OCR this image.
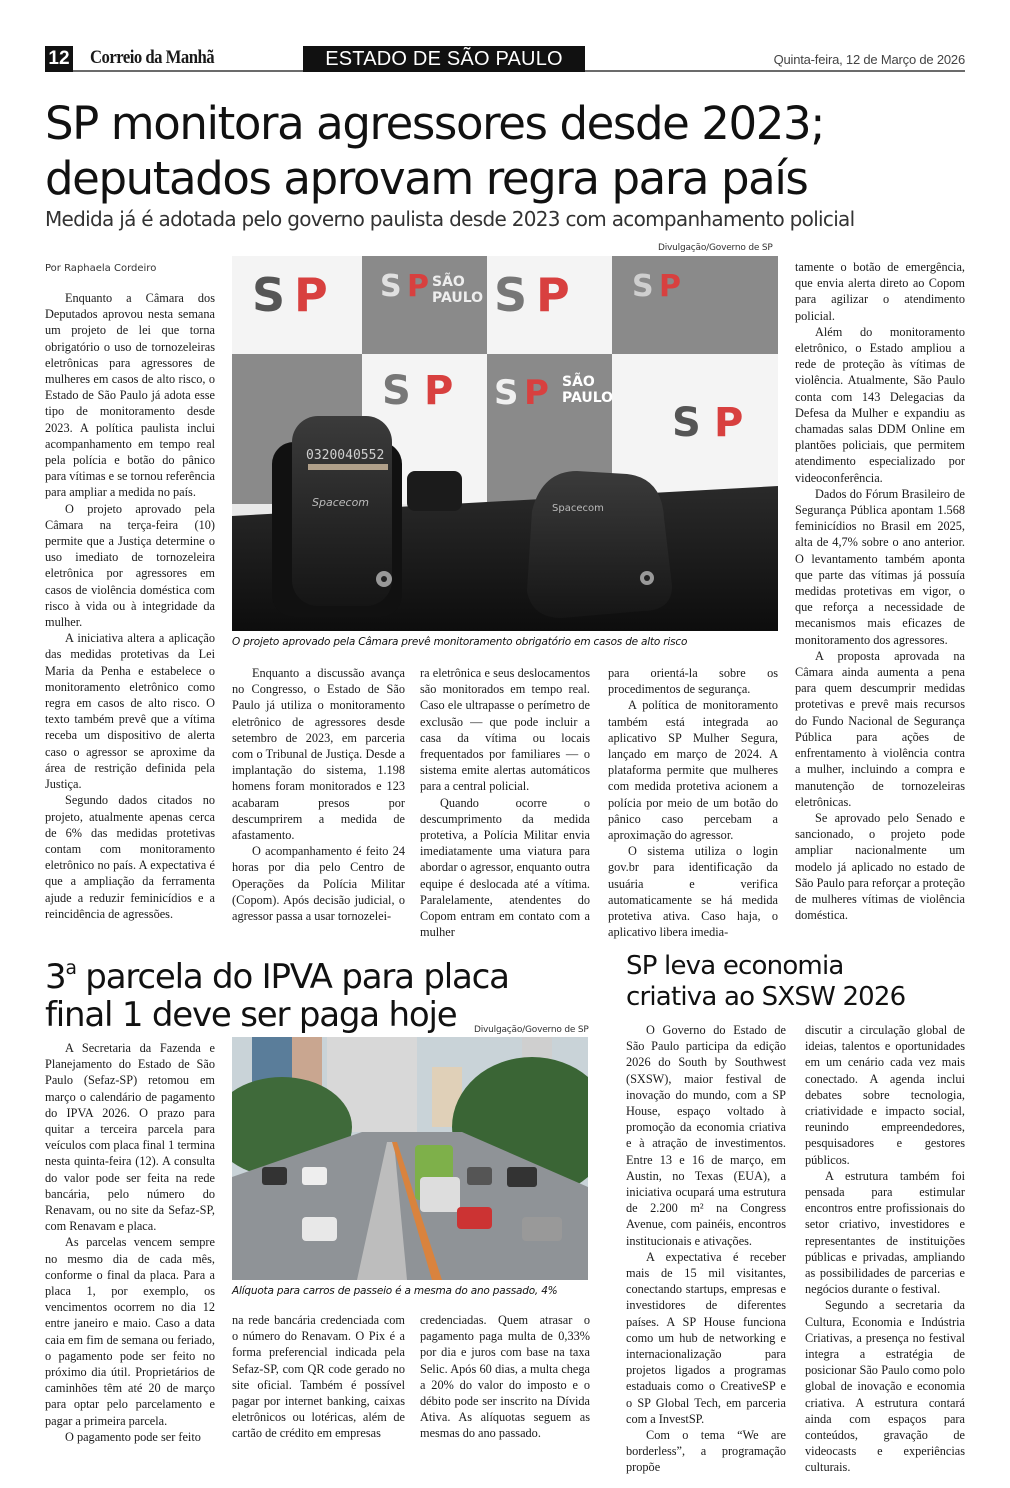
12 Correio da Manhã	ESTADO DE SÃO PAULO	Quinta-feira, 12 de Março de 2026
SP monitora agressores desde 2023;
deputados aprovam regra para país
Medida já é adotada pelo governo paulista desde 2023 com acompanhamento policial
Por Raphaela Cordeiro
Divulgação/Governo de SP
S P S P S P S P
S P S P
S P
SÃO
PAULO
SÃO
PAULO
0320040552
Spacecom	Spacecom
O projeto aprovado pela Câmara prevê monitoramento obrigatório em casos de alto risco

Enquanto a Câmara dos Deputados aprovou nesta semana um projeto de lei que torna obrigatório o uso de tornozeleiras eletrônicas para agressores de mulheres em casos de alto risco, o Estado de São Paulo já adota esse tipo de monitoramento desde 2023. A política paulista inclui acompanhamento em tempo real pela polícia e botão do pânico para vítimas e se tornou referência para ampliar a medida no país.

O projeto aprovado pela Câmara na terça-feira (10) permite que a Justiça determine o uso imediato de tornozeleira eletrônica por agressores em casos de violência doméstica com risco à vida ou à integridade da mulher.

A iniciativa altera a aplicação das medidas protetivas da Lei Maria da Penha e estabelece o monitoramento eletrônico como regra em casos de alto risco. O texto também prevê que a vítima receba um dispositivo de alerta caso o agressor se aproxime da área de restrição definida pela Justiça.

Segundo dados citados no projeto, atualmente apenas cerca de 6% das medidas protetivas contam com monitoramento eletrônico no país. A expectativa é que a ampliação da ferramenta ajude a reduzir feminicídios e a reincidência de agressões.

Enquanto a discussão avança no Congresso, o Estado de São Paulo já utiliza o monitoramento eletrônico de agressores desde setembro de 2023, em parceria com o Tribunal de Justiça. Desde a implantação do sistema, 1.198 homens foram monitorados e 123 acabaram presos por descumprirem a medida de afastamento.

O acompanhamento é feito 24 horas por dia pelo Centro de Operações da Polícia Militar (Copom). Após decisão judicial, o agressor passa a usar tornozelei-

ra eletrônica e seus deslocamentos são monitorados em tempo real. Caso ele ultrapasse o perímetro de exclusão — que pode incluir a casa da vítima ou locais frequentados por familiares — o sistema emite alertas automáticos para a central policial.

Quando ocorre o descumprimento da medida protetiva, a Polícia Militar envia imediatamente uma viatura para abordar o agressor, enquanto outra equipe é deslocada até a vítima. Paralelamente, atendentes do Copom entram em contato com a mulher

para orientá-la sobre os procedimentos de segurança.

A política de monitoramento também está integrada ao aplicativo SP Mulher Segura, lançado em março de 2024. A plataforma permite que mulheres com medida protetiva acionem a polícia por meio de um botão do pânico caso percebam a aproximação do agressor.

O sistema utiliza o login gov.br para identificação da usuária e verifica automaticamente se há medida protetiva ativa. Caso haja, o aplicativo libera imedia-

tamente o botão de emergência, que envia alerta direto ao Copom para agilizar o atendimento policial.

Além do monitoramento eletrônico, o Estado ampliou a rede de proteção às vítimas de violência. Atualmente, São Paulo conta com 143 Delegacias da Defesa da Mulher e expandiu as chamadas salas DDM Online em plantões policiais, que permitem atendimento especializado por videoconferência.

Dados do Fórum Brasileiro de Segurança Pública apontam 1.568 feminicídios no Brasil em 2025, alta de 4,7% sobre o ano anterior. O levantamento também aponta que parte das vítimas já possuía medidas protetivas em vigor, o que reforça a necessidade de mecanismos mais eficazes de monitoramento dos agressores.

A proposta aprovada na Câmara ainda aumenta a pena para quem descumprir medidas protetivas e prevê mais recursos do Fundo Nacional de Segurança Pública para ações de enfrentamento à violência contra a mulher, incluindo a compra e manutenção de tornozeleiras eletrônicas.

Se aprovado pelo Senado e sancionado, o projeto pode ampliar nacionalmente um modelo já aplicado no estado de São Paulo para reforçar a proteção de mulheres vítimas de violência doméstica.

3$^a$ parcela do IPVA para placa
final 1 deve ser paga hoje	Divulgação/Governo de SP
Alíquota para carros de passeio é a mesma do ano passado, 4%

A Secretaria da Fazenda e Planejamento do Estado de São Paulo (Sefaz-SP) retomou em março o calendário de pagamento do IPVA 2026. O prazo para quitar a terceira parcela para veículos com placa final 1 termina nesta quinta-feira (12). A consulta do valor pode ser feita na rede bancária, pelo número do Renavam, ou no site da Sefaz-SP, com Renavam e placa.

As parcelas vencem sempre no mesmo dia de cada mês, conforme o final da placa. Para a placa 1, por exemplo, os vencimentos ocorrem no dia 12 entre janeiro e maio. Caso a data caia em fim de semana ou feriado, o pagamento pode ser feito no próximo dia útil. Proprietários de caminhões têm até 20 de março para optar pelo parcelamento e pagar a primeira parcela.

O pagamento pode ser feito

na rede bancária credenciada com o número do Renavam. O Pix é a forma preferencial indicada pela Sefaz-SP, com QR code gerado no site oficial. Também é possível pagar por internet banking, caixas eletrônicos ou lotéricas, além de cartão de crédito em empresas

credenciadas. Quem atrasar o pagamento paga multa de 0,33% por dia e juros com base na taxa Selic. Após 60 dias, a multa chega a 20% do valor do imposto e o débito pode ser inscrito na Dívida Ativa. As alíquotas seguem as mesmas do ano passado.

SP leva economia
criativa ao SXSW 2026

O Governo do Estado de São Paulo participa da edição 2026 do South by Southwest (SXSW), maior festival de inovação do mundo, com a SP House, espaço voltado à promoção da economia criativa e à atração de investimentos. Entre 13 e 16 de março, em Austin, no Texas (EUA), a iniciativa ocupará uma estrutura de 2.200 m² na Congress Avenue, com painéis, encontros institucionais e ativações.

A expectativa é receber mais de 15 mil visitantes, conectando startups, empresas e investidores de diferentes países. A SP House funciona como um hub de networking e internacionalização para projetos ligados a programas estaduais como o CreativeSP e o SP Global Tech, em parceria com a InvestSP.

Com o tema “We are borderless”, a programação propõe

discutir a circulação global de ideias, talentos e oportunidades em um cenário cada vez mais conectado. A agenda inclui debates sobre tecnologia, criatividade e impacto social, reunindo empreendedores, pesquisadores e gestores públicos.

A estrutura também foi pensada para estimular encontros entre profissionais do setor criativo, investidores e representantes de instituições públicas e privadas, ampliando as possibilidades de parcerias e negócios durante o festival.

Segundo a secretaria da Cultura, Economia e Indústria Criativas, a presença no festival integra a estratégia de posicionar São Paulo como polo global de inovação e economia criativa. A estrutura contará ainda com espaços para conteúdos, gravação de videocasts e experiências culturais.
